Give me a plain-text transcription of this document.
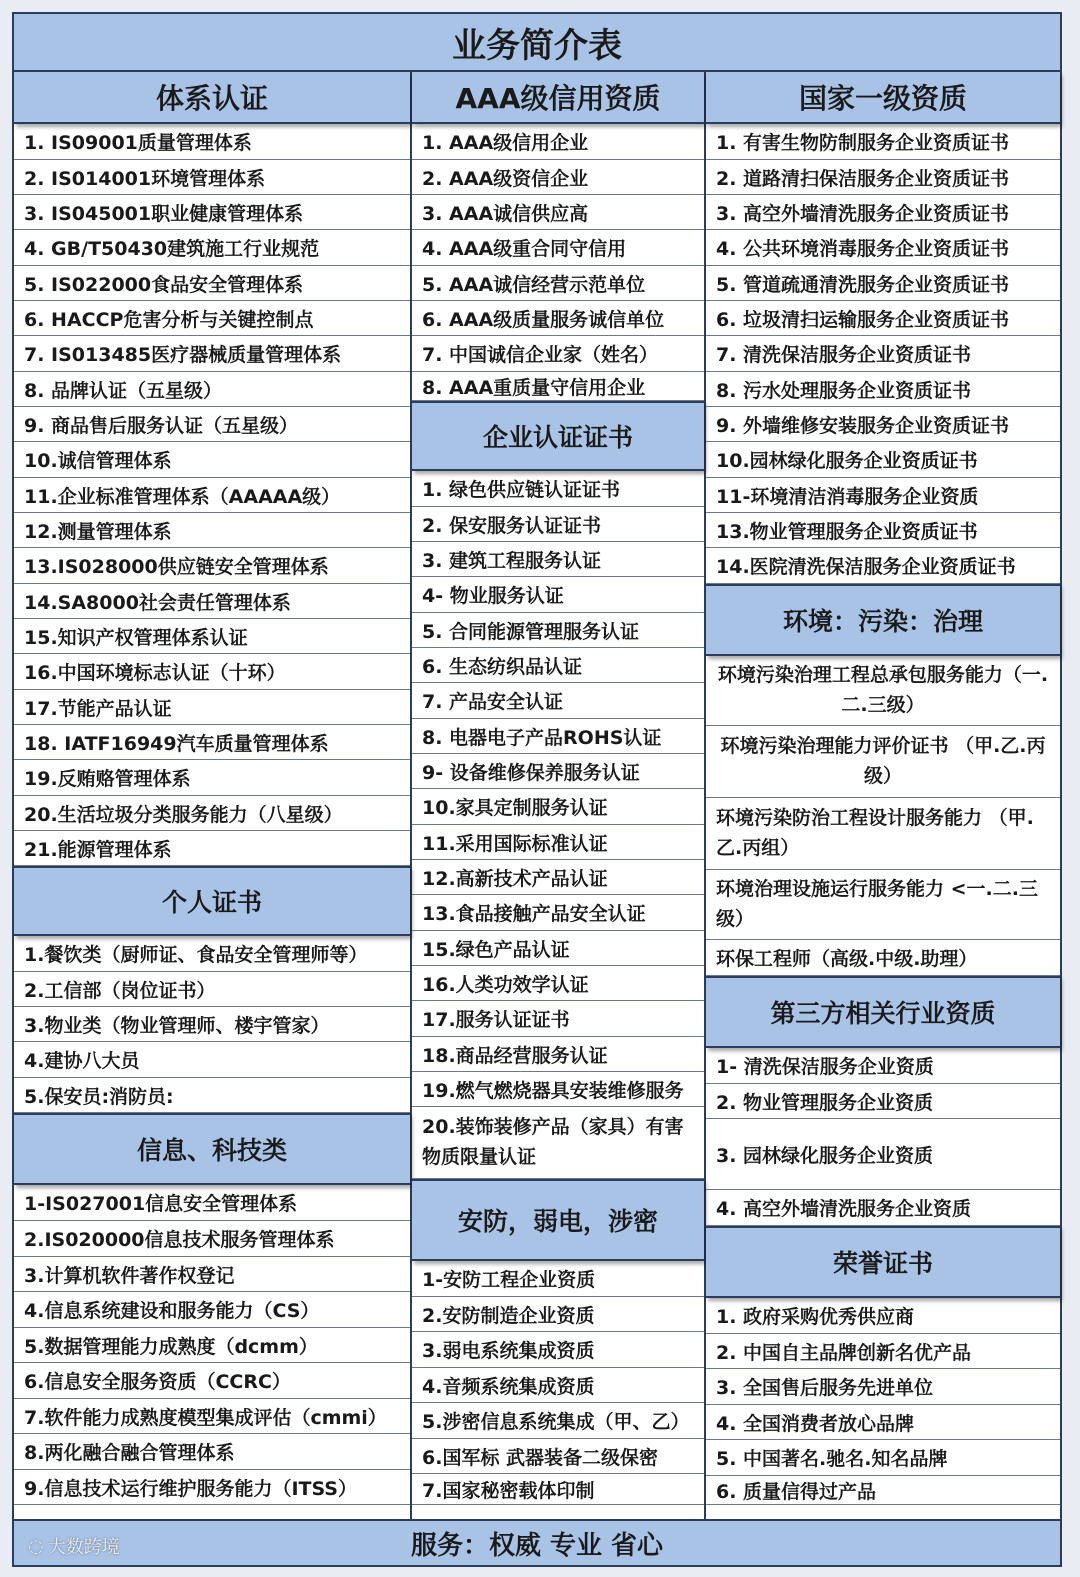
业务简介表
体系认证
1. IS09001质量管理体系
2. IS014001环境管理体系
3. IS045001职业健康管理体系
4. GB/T50430建筑施工行业规范
5. IS022000食品安全管理体系
6. HACCP危害分析与关键控制点
7. IS013485医疗器械质量管理体系
8. 品牌认证（五星级）
9. 商品售后服务认证（五星级）
10.诚信管理体系
11.企业标准管理体系（AAAAA级）
12.测量管理体系
13.IS028000供应链安全管理体系
14.SA8000社会责任管理体系
15.知识产权管理体系认证
16.中国环境标志认证（十环）
17.节能产品认证
18. IATF16949汽车质量管理体系
19.反贿赂管理体系
20.生活垃圾分类服务能力（八星级）
21.能源管理体系
个人证书
1.餐饮类（厨师证、食品安全管理师等）
2.工信部（岗位证书）
3.物业类（物业管理师、楼宇管家）
4.建协八大员
5.保安员:消防员:
信息、科技类
1-IS027001信息安全管理体系
2.IS020000信息技术服务管理体系
3.计算机软件著作权登记
4.信息系统建设和服务能力（CS）
5.数据管理能力成熟度（dcmm）
6.信息安全服务资质（CCRC）
7.软件能力成熟度模型集成评估（cmmi）
8.两化融合融合管理体系
9.信息技术运行维护服务能力（ITSS）
AAA级信用资质
1. AAA级信用企业
2. AAA级资信企业
3. AAA诚信供应高
4. AAA级重合同守信用
5. AAA诚信经营示范单位
6. AAA级质量服务诚信单位
7. 中国诚信企业家（姓名）
8. AAA重质量守信用企业
企业认证证书
1. 绿色供应链认证证书
2. 保安服务认证证书
3. 建筑工程服务认证
4- 物业服务认证
5. 合同能源管理服务认证
6. 生态纺织品认证
7. 产品安全认证
8. 电器电子产品ROHS认证
9- 设备维修保养服务认证
10.家具定制服务认证
11.采用国际标准认证
12.高新技术产品认证
13.食品接触产品安全认证
15.绿色产品认证
16.人类功效学认证
17.服务认证证书
18.商品经营服务认证
19.燃气燃烧器具安装维修服务
20.装饰装修产品（家具）有害物质限量认证
安防，弱电，涉密
1-安防工程企业资质
2.安防制造企业资质
3.弱电系统集成资质
4.音频系统集成资质
5.涉密信息系统集成（甲、乙）
6.国军标 武器装备二级保密
7.国家秘密载体印制
国家一级资质
1. 有害生物防制服务企业资质证书
2. 道路清扫保洁服务企业资质证书
3. 高空外墙清洗服务企业资质证书
4. 公共环境消毒服务企业资质证书
5. 管道疏通清洗服务企业资质证书
6. 垃圾清扫运输服务企业资质证书
7. 清洗保洁服务企业资质证书
8. 污水处理服务企业资质证书
9. 外墙维修安装服务企业资质证书
10.园林绿化服务企业资质证书
11-环境清洁消毒服务企业资质
13.物业管理服务企业资质证书
14.医院清洗保洁服务企业资质证书
环境：污染：治理
环境污染治理工程总承包服务能力（一.二.三级）
环境污染治理能力评价证书 （甲.乙.丙级）
环境污染防治工程设计服务能力 （甲.乙.丙组）
环境治理设施运行服务能力 <一.二.三级）
环保工程师（高级.中级.助理）
第三方相关行业资质
1- 清洗保洁服务企业资质
2. 物业管理服务企业资质
3. 园林绿化服务企业资质
4. 高空外墙清洗服务企业资质
荣誉证书
1. 政府采购优秀供应商
2. 中国自主品牌创新名优产品
3. 全国售后服务先进单位
4. 全国消费者放心品牌
5. 中国著名.驰名.知名品牌
6. 质量信得过产品
服务：权威 专业 省心
◌ 大数跨境
